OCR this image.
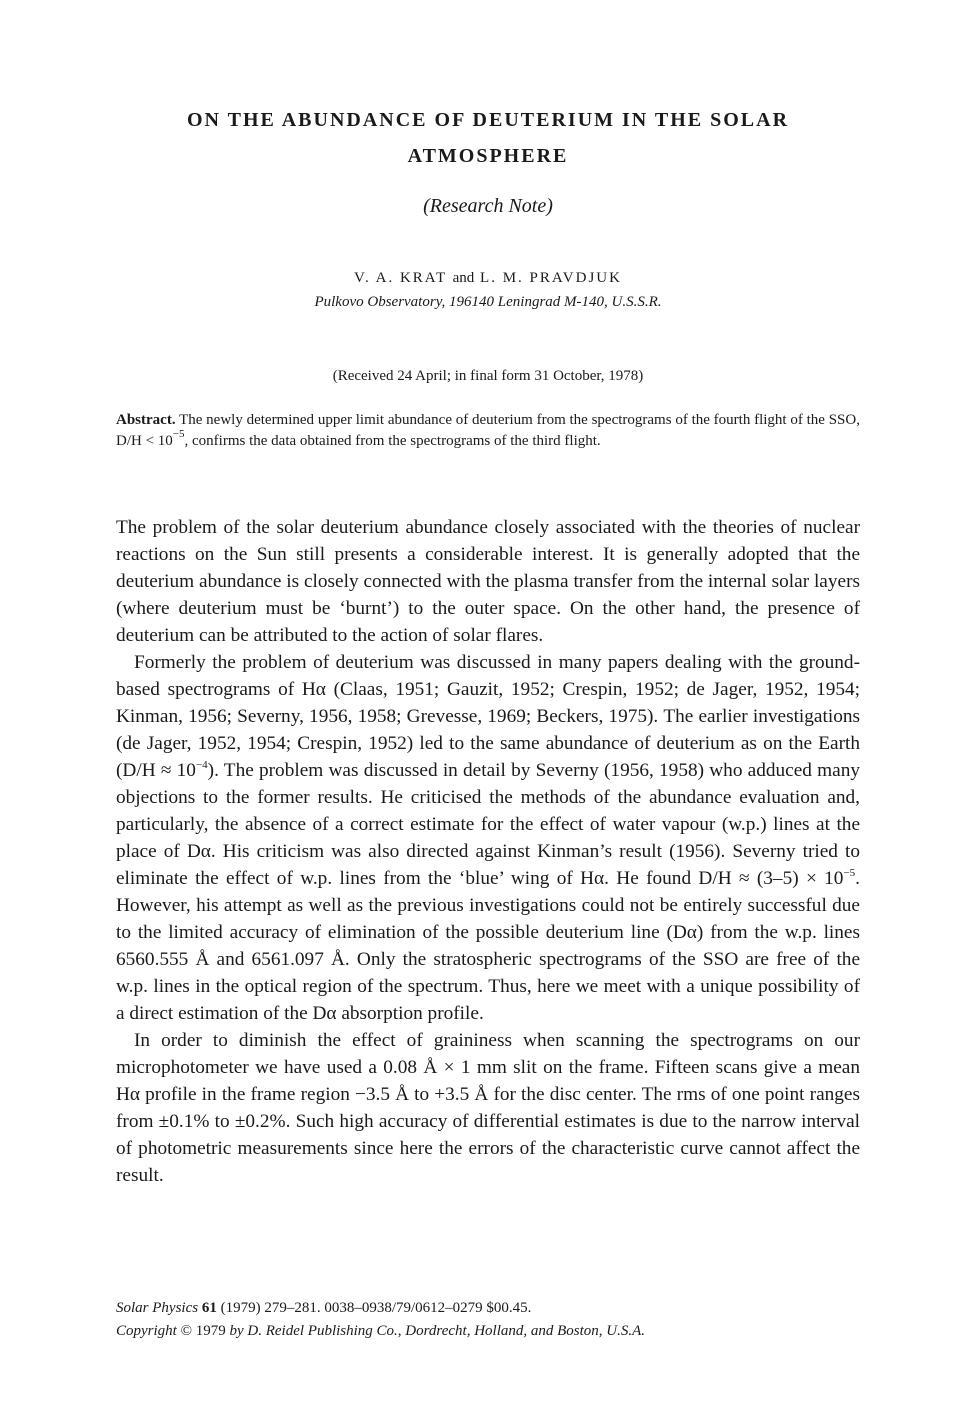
ON THE ABUNDANCE OF DEUTERIUM IN THE SOLAR
ATMOSPHERE
(Research Note)
V. A. KRAT and L. M. PRAVDJUK
Pulkovo Observatory, 196140 Leningrad M-140, U.S.S.R.
(Received 24 April; in final form 31 October, 1978)

Abstract. The newly determined upper limit abundance of deuterium from the spectrograms of the fourth flight of the SSO, $D/H < 10^{-5}$, confirms the data obtained from the spectrograms of the third flight.

The problem of the solar deuterium abundance closely associated with the theories of nuclear reactions on the Sun still presents a considerable interest. It is generally adopted that the deuterium abundance is closely connected with the plasma transfer from the internal solar layers (where deuterium must be ‘burnt’) to the outer space. On the other hand, the presence of deuterium can be attributed to the action of solar flares.

Formerly the problem of deuterium was discussed in many papers dealing with the ground-based spectrograms of Hα (Claas, 1951; Gauzit, 1952; Crespin, 1952; de Jager, 1952, 1954; Kinman, 1956; Severny, 1956, 1958; Grevesse, 1969; Beckers, 1975). The earlier investigations (de Jager, 1952, 1954; Crespin, 1952) led to the same abundance of deuterium as on the Earth $(D/H \approx 10^{-4})$. The problem was discussed in detail by Severny (1956, 1958) who adduced many objections to the former results. He criticised the methods of the abundance evaluation and, particularly, the absence of a correct estimate for the effect of water vapour (w.p.) lines at the place of Dα. His criticism was also directed against Kinman’s result (1956). Severny tried to eliminate the effect of w.p. lines from the ‘blue’ wing of Hα. He found $D/H \approx (3-5) \times 10^{-5}$. However, his attempt as well as the previous investigations could not be entirely successful due to the limited accuracy of elimination of the possible deuterium line (Dα) from the w.p. lines 6560.555 Å and 6561.097 Å. Only the stratospheric spectrograms of the SSO are free of the w.p. lines in the optical region of the spectrum. Thus, here we meet with a unique possibility of a direct estimation of the Dα absorption profile.

In order to diminish the effect of graininess when scanning the spectrograms on our microphotometer we have used a 0.08 Å × 1 mm slit on the frame. Fifteen scans give a mean Hα profile in the frame region −3.5 Å to +3.5 Å for the disc center. The rms of one point ranges from ±0.1% to ±0.2%. Such high accuracy of differential estimates is due to the narrow interval of photometric measurements since here the errors of the characteristic curve cannot affect the result.

Solar Physics 61 (1979) 279–281. 0038–0938/79/0612–0279 $00.45.
Copyright © 1979 by D. Reidel Publishing Co., Dordrecht, Holland, and Boston, U.S.A.
